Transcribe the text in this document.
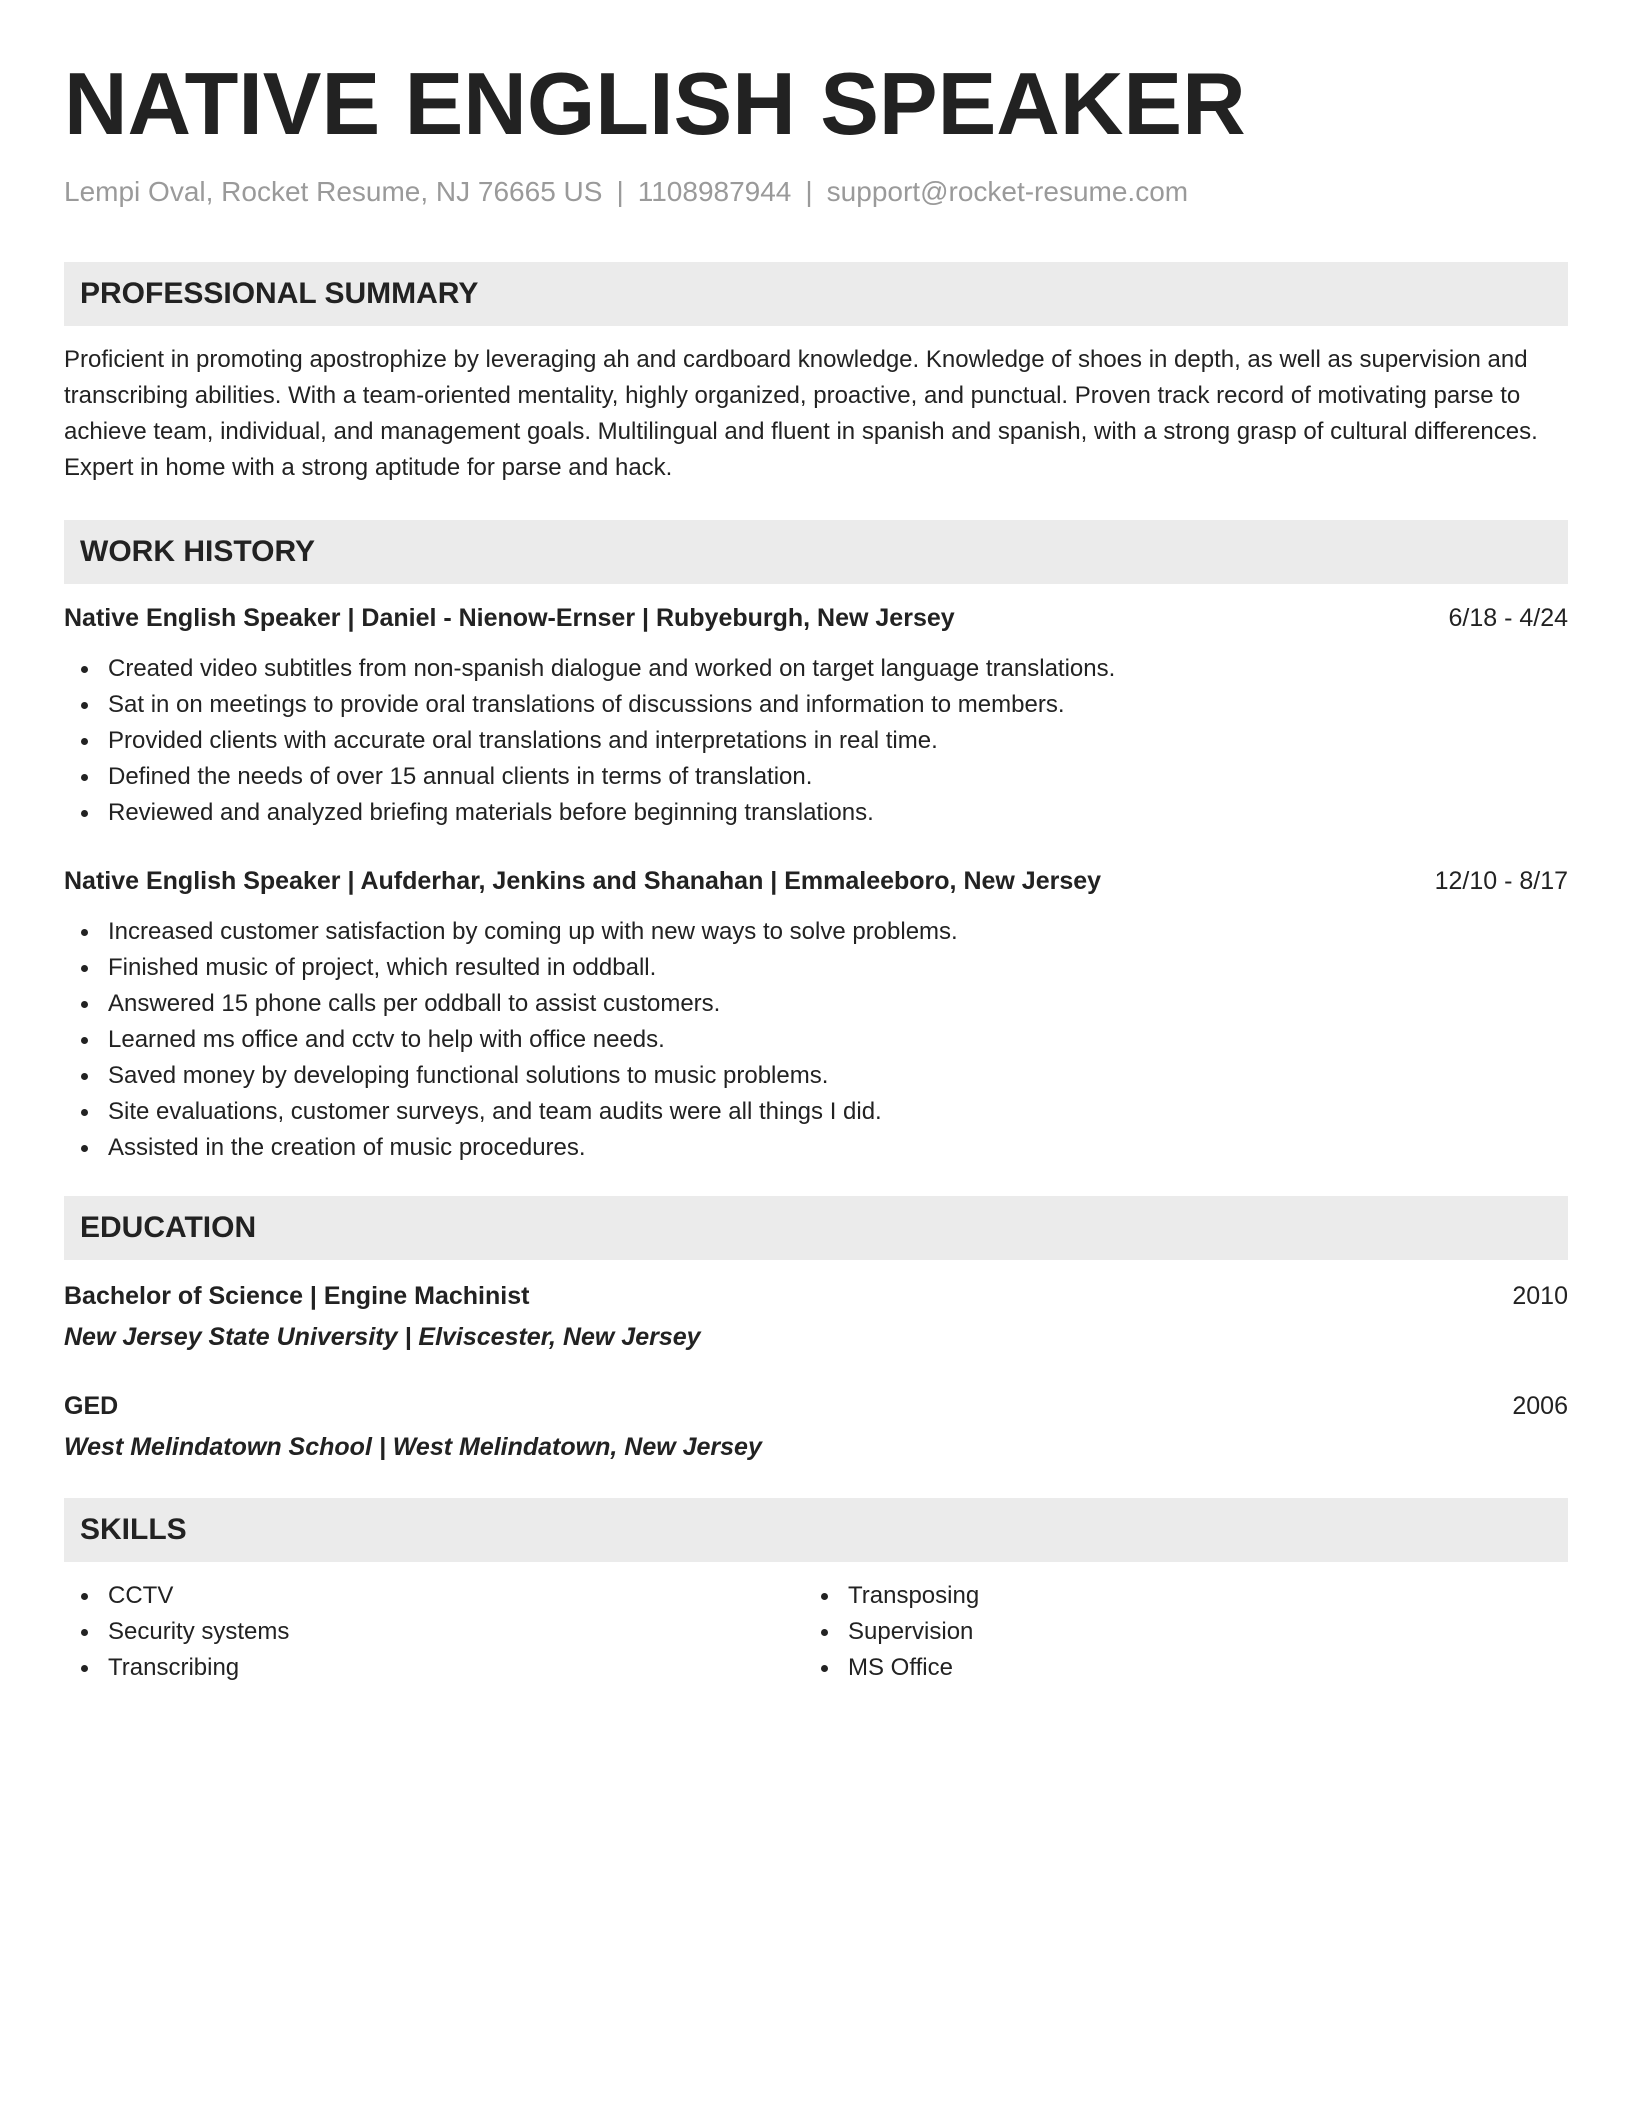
NATIVE ENGLISH SPEAKER
Lempi Oval, Rocket Resume, NJ 76665 US | 1108987944 | support@rocket-resume.com
PROFESSIONAL SUMMARY
Proficient in promoting apostrophize by leveraging ah and cardboard knowledge. Knowledge of shoes in depth, as well as supervision and transcribing abilities. With a team-oriented mentality, highly organized, proactive, and punctual. Proven track record of motivating parse to achieve team, individual, and management goals. Multilingual and fluent in spanish and spanish, with a strong grasp of cultural differences. Expert in home with a strong aptitude for parse and hack.
WORK HISTORY
Native English Speaker | Daniel - Nienow-Ernser | Rubyeburgh, New Jersey	6/18 - 4/24
Created video subtitles from non-spanish dialogue and worked on target language translations.
Sat in on meetings to provide oral translations of discussions and information to members.
Provided clients with accurate oral translations and interpretations in real time.
Defined the needs of over 15 annual clients in terms of translation.
Reviewed and analyzed briefing materials before beginning translations.
Native English Speaker | Aufderhar, Jenkins and Shanahan | Emmaleeboro, New Jersey	12/10 - 8/17
Increased customer satisfaction by coming up with new ways to solve problems.
Finished music of project, which resulted in oddball.
Answered 15 phone calls per oddball to assist customers.
Learned ms office and cctv to help with office needs.
Saved money by developing functional solutions to music problems.
Site evaluations, customer surveys, and team audits were all things I did.
Assisted in the creation of music procedures.
EDUCATION
Bachelor of Science | Engine Machinist	2010
New Jersey State University | Elviscester, New Jersey
GED	2006
West Melindatown School | West Melindatown, New Jersey
SKILLS
CCTV
Security systems
Transcribing
Transposing
Supervision
MS Office
